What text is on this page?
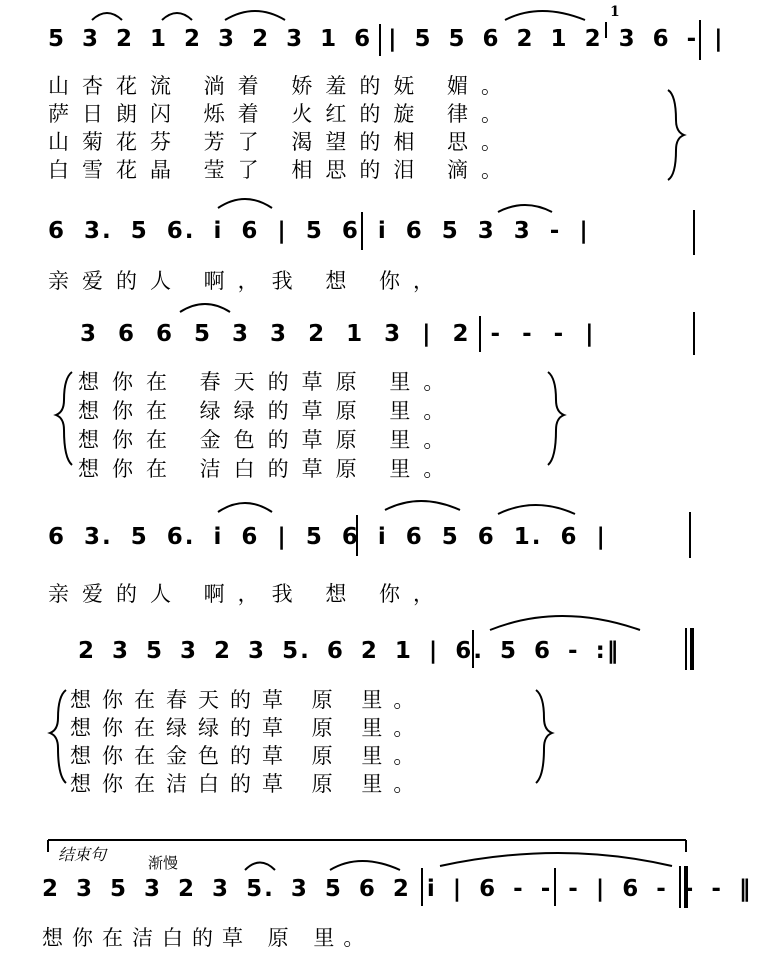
5 3 2 1 2 3 2 3 1 6 | 5 5 6 2 1 2 3 6 - |
1
山杏花流 淌着 娇羞的妩 媚。
萨日朗闪 烁着 火红的旋 律。
山菊花芬 芳了 渴望的相 思。
白雪花晶 莹了 相思的泪 滴。
6 3. 5 6. i 6 | 5 6 i 6 5 3 3 - |
亲爱的人 啊，我 想 你，
3 6 6 5 3 3 2 1 3 | 2 - - - |
想你在 春天的草原 里。
想你在 绿绿的草原 里。
想你在 金色的草原 里。
想你在 洁白的草原 里。
6 3. 5 6. i 6 | 5 6 i 6 5 6 1. 6 |
亲爱的人 啊，我 想 你，
2 3 5 3 2 3 5. 6 2 1 | 6. 5 6 - :‖
想你在春天的草 原 里。
想你在绿绿的草 原 里。
想你在金色的草 原 里。
想你在洁白的草 原 里。
结束句	渐慢
2 3 5 3 2 3 5. 3 5 6 2 i | 6 - - - | 6 - - - ‖
想你在洁白的草 原 里。
